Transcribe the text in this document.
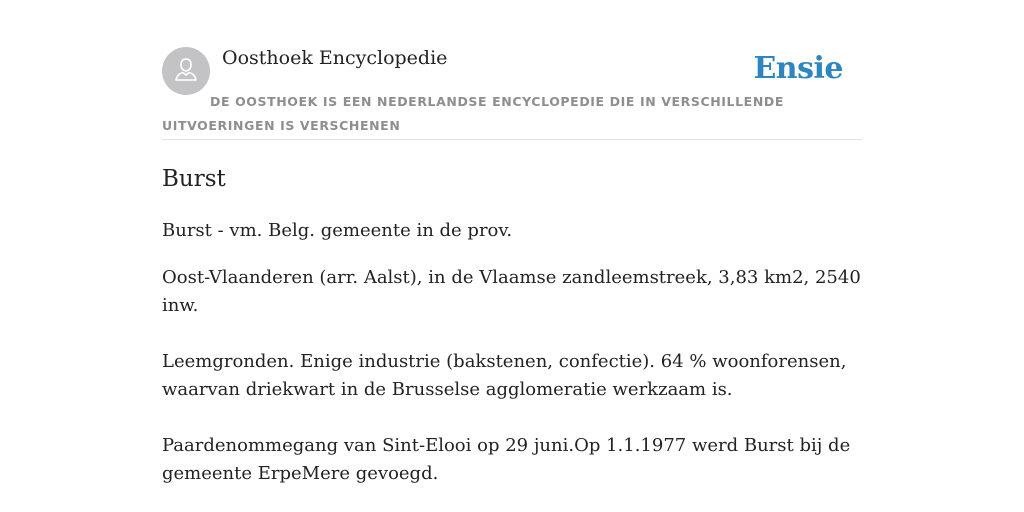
Oosthoek Encyclopedie	Ensie
DE OOSTHOEK IS EEN NEDERLANDSE ENCYCLOPEDIE DIE IN VERSCHILLENDE UITVOERINGEN IS VERSCHENEN
Burst

Burst - vm. Belg. gemeente in de prov.

Oost-Vlaanderen (arr. Aalst), in de Vlaamse zandleemstreek, 3,83 km2, 2540 inw.

Leemgronden. Enige industrie (bakstenen, confectie). 64 % woonforensen, waarvan driekwart in de Brusselse agglomeratie werkzaam is.

Paardenommegang van Sint-Elooi op 29 juni.Op 1.1.1977 werd Burst bij de gemeente ErpeMere gevoegd.
